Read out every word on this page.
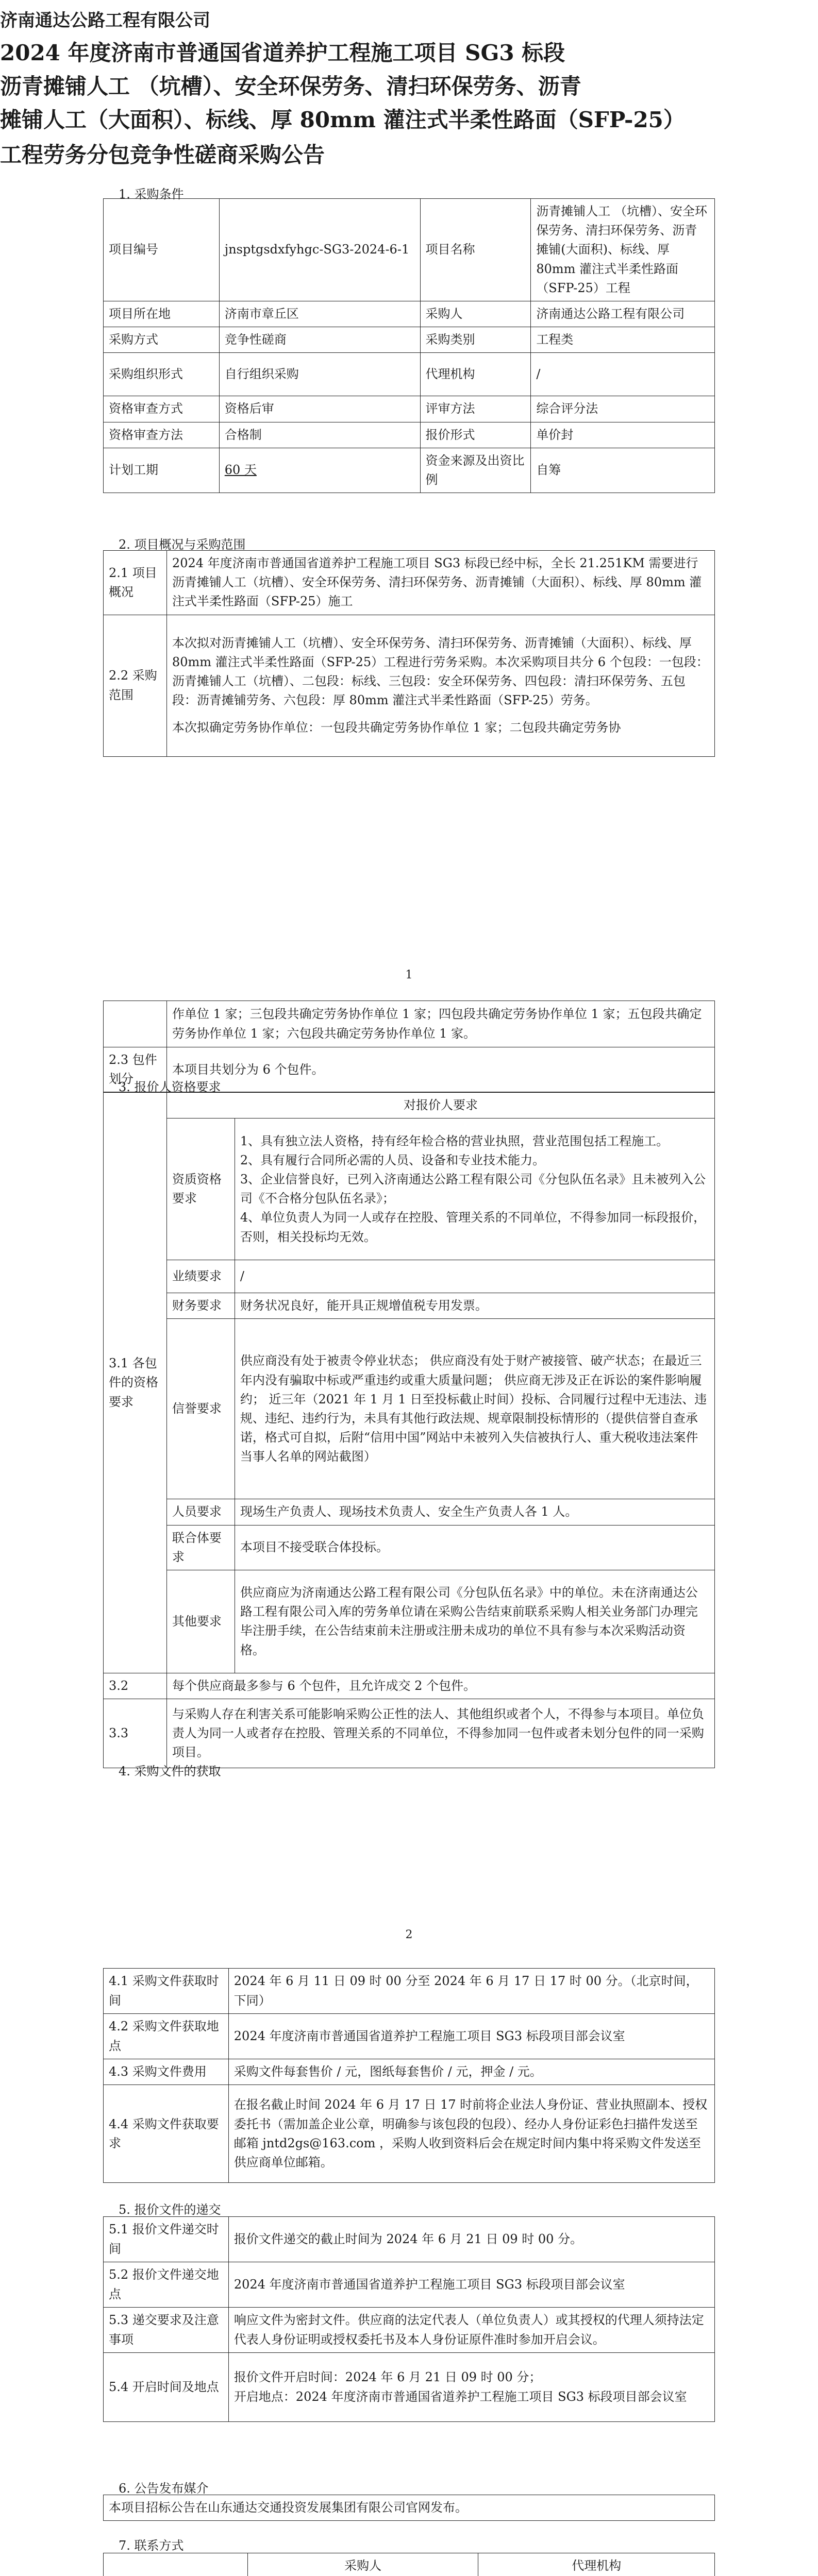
济南通达公路工程有限公司
2024 年度济南市普通国省道养护工程施工项目 SG3 标段
沥青摊铺人工 （坑槽）、安全环保劳务、清扫环保劳务、沥青
摊铺人工（大面积）、标线、厚 80mm 灌注式半柔性路面（SFP-25）
工程劳务分包竞争性磋商采购公告
1. 采购条件
项目编号	jnsptgsdxfyhgc-SG3-2024-6-1	项目名称	沥青摊铺人工 （坑槽）、安全环保劳务、清扫环保劳务、沥青摊铺(大面积)、标线、厚 80mm 灌注式半柔性路面（SFP-25）工程
项目所在地	济南市章丘区	采购人	济南通达公路工程有限公司
采购方式	竞争性磋商	采购类别	工程类
采购组织形式	自行组织采购	代理机构	/
资格审查方式	资格后审	评审方法	综合评分法
资格审查方法	合格制	报价形式	单价封
计划工期	60 天	资金来源及出资比例	自筹
2. 项目概况与采购范围
2.1 项目概况	2024 年度济南市普通国省道养护工程施工项目 SG3 标段已经中标，全长 21.251KM 需要进行沥青摊铺人工（坑槽）、安全环保劳务、清扫环保劳务、沥青摊铺（大面积）、标线、厚 80mm 灌注式半柔性路面（SFP-25）施工
2.2 采购范围	本次拟对沥青摊铺人工（坑槽）、安全环保劳务、清扫环保劳务、沥青摊铺（大面积）、标线、厚 80mm 灌注式半柔性路面（SFP-25）工程进行劳务采购。本次采购项目共分 6 个包段：一包段： 沥青摊铺人工（坑槽）、二包段：标线、三包段：安全环保劳务、四包段：清扫环保劳务、五包段：沥青摊铺劳务、六包段：厚 80mm 灌注式半柔性路面（SFP-25）劳务。
本次拟确定劳务协作单位：一包段共确定劳务协作单位 1 家；二包段共确定劳务协
1
	作单位 1 家；三包段共确定劳务协作单位 1 家；四包段共确定劳务协作单位 1 家；五包段共确定劳务协作单位 1 家；六包段共确定劳务协作单位 1 家。
2.3 包件划分	本项目共划分为 6 个包件。
3. 报价人资格要求
3.1 各包件的资格要求	对报价人要求	
	资质资格要求	1、具有独立法人资格，持有经年检合格的营业执照，营业范围包括工程施工。
2、具有履行合同所必需的人员、设备和专业技术能力。
3、企业信誉良好，已列入济南通达公路工程有限公司《分包队伍名录》且未被列入公司《不合格分包队伍名录》；
4、单位负责人为同一人或存在控股、管理关系的不同单位，不得参加同一标段报价，否则，相关投标均无效。

	业绩要求	/
	财务要求	财务状况良好，能开具正规增值税专用发票。
	信誉要求	供应商没有处于被责令停业状态； 供应商没有处于财产被接管、破产状态；在最近三年内没有骗取中标或严重违约或重大质量问题； 供应商无涉及正在诉讼的案件影响履约； 近三年（2021 年 1 月 1 日至投标截止时间）投标、合同履行过程中无违法、违规、违纪、违约行为，未具有其他行政法规、规章限制投标情形的（提供信誉自查承诺，格式可自拟，后附“信用中国”网站中未被列入失信被执行人、重大税收违法案件当事人名单的网站截图）
	人员要求	现场生产负责人、现场技术负责人、安全生产负责人各 1 人。
	联合体要求	本项目不接受联合体投标。
	其他要求	供应商应为济南通达公路工程有限公司《分包队伍名录》中的单位。未在济南通达公路工程有限公司入库的劳务单位请在采购公告结束前联系采购人相关业务部门办理完毕注册手续，在公告结束前未注册或注册未成功的单位不具有参与本次采购活动资格。
3.2	每个供应商最多参与 6 个包件，且允许成交 2 个包件。	
3.3	与采购人存在利害关系可能影响采购公正性的法人、其他组织或者个人，不得参与本项目。单位负责人为同一人或者存在控股、管理关系的不同单位，不得参加同一包件或者未划分包件的同一采购项目。	
4. 采购文件的获取
2
4.1 采购文件获取时间	2024 年 6 月 11 日 09 时 00 分至 2024 年 6 月 17 日 17 时 00 分。（北京时间，下同）
4.2 采购文件获取地点	2024 年度济南市普通国省道养护工程施工项目 SG3 标段项目部会议室
4.3 采购文件费用	采购文件每套售价 / 元，图纸每套售价 / 元，押金 / 元。
4.4 采购文件获取要求	在报名截止时间 2024 年 6 月 17 日 17 时前将企业法人身份证、营业执照副本、授权委托书（需加盖企业公章，明确参与该包段的包段）、经办人身份证彩色扫描件发送至邮箱 jntd2gs@163.com ，采购人收到资料后会在规定时间内集中将采购文件发送至供应商单位邮箱。
5. 报价文件的递交
5.1 报价文件递交时间	报价文件递交的截止时间为 2024 年 6 月 21 日 09 时 00 分。
5.2 报价文件递交地点	2024 年度济南市普通国省道养护工程施工项目 SG3 标段项目部会议室
5.3 递交要求及注意事项	响应文件为密封文件。供应商的法定代表人（单位负责人）或其授权的代理人须持法定代表人身份证明或授权委托书及本人身份证原件准时参加开启会议。
5.4 开启时间及地点	报价文件开启时间：2024 年 6 月 21 日 09 时 00 分；
开启地点：2024 年度济南市普通国省道养护工程施工项目 SG3 标段项目部会议室
6. 公告发布媒介
本项目招标公告在山东通达交通投资发展集团有限公司官网发布。
7. 联系方式
	采购人	代理机构
